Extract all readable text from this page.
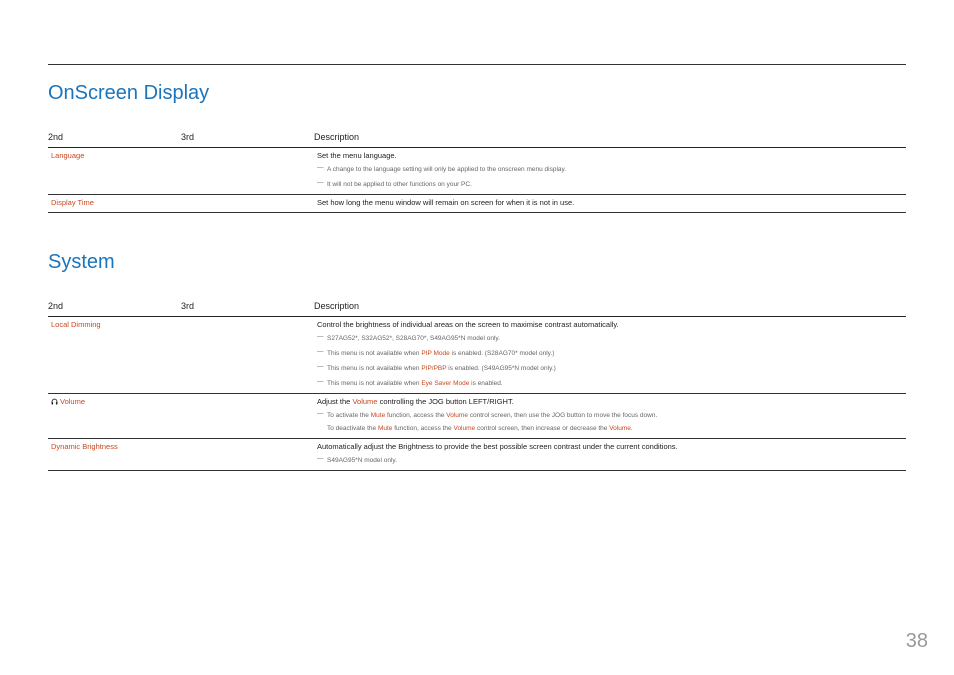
OnScreen Display
2nd	3rd	Description
Language	Set the menu language.
― A change to the language setting will only be applied to the onscreen menu display.
― It will not be applied to other functions on your PC.
Display Time	Set how long the menu window will remain on screen for when it is not in use.
System
2nd	3rd	Description
Local Dimming	Control the brightness of individual areas on the screen to maximise contrast automatically.
― S27AG52*, S32AG52*, S28AG70*, S49AG95*N model only.
― This menu is not available when PIP Mode is enabled. (S28AG70* model only.)
― This menu is not available when PIP/PBP is enabled. (S49AG95*N model only.)
― This menu is not available when Eye Saver Mode is enabled.
Volume	Adjust the Volume controlling the JOG button LEFT/RIGHT.
― To activate the Mute function, access the Volume control screen, then use the JOG button to move the focus down.
To deactivate the Mute function, access the Volume control screen, then increase or decrease the Volume.
Dynamic Brightness	Automatically adjust the Brightness to provide the best possible screen contrast under the current conditions.
― S49AG95*N model only.
38
